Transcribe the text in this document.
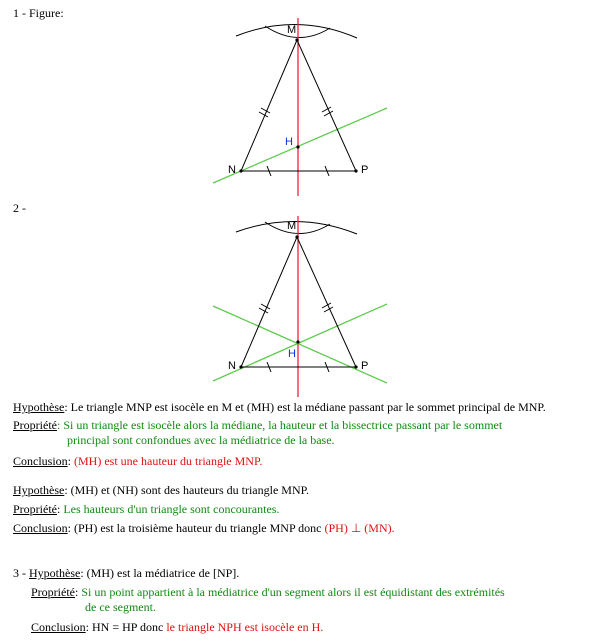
1 - Figure:
2 -
M
N	P
H
M
N	P
H
Hypothèse: Le triangle MNP est isocèle en M et (MH) est la médiane passant par le sommet principal de MNP.
Propriété: Si un triangle est isocèle alors la médiane, la hauteur et la bissectrice passant par le sommet
principal sont confondues avec la médiatrice de la base.
Conclusion: (MH) est une hauteur du triangle MNP.
Hypothèse: (MH) et (NH) sont des hauteurs du triangle MNP.
Propriété: Les hauteurs d'un triangle sont concourantes.
Conclusion: (PH) est la troisième hauteur du triangle MNP donc (PH) ⊥ (MN).
3 - Hypothèse: (MH) est la médiatrice de [NP].
Propriété: Si un point appartient à la médiatrice d'un segment alors il est équidistant des extrémités
de ce segment.
Conclusion: HN = HP donc le triangle NPH est isocèle en H.
